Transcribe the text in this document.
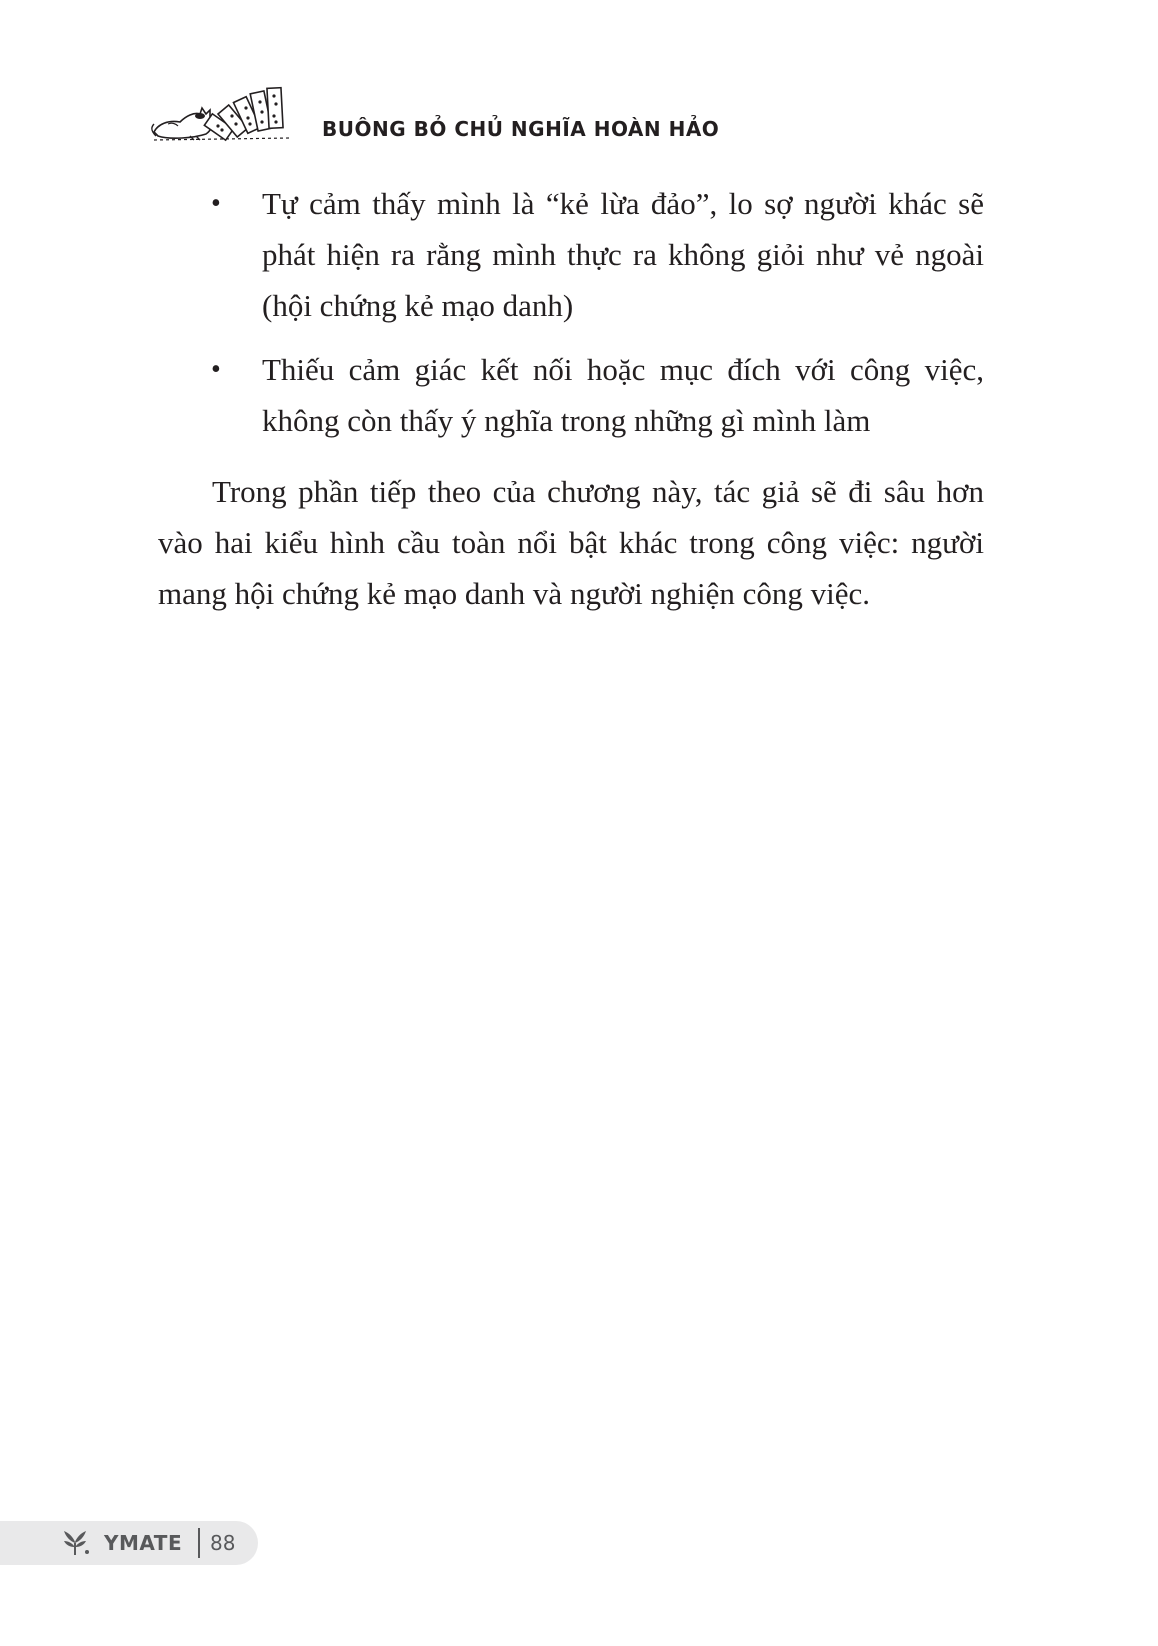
BUÔNG BỎ CHỦ NGHĨA HOÀN HẢO
• Tự cảm thấy mình là “kẻ lừa đảo”, lo sợ người khác sẽ phát hiện ra rằng mình thực ra không giỏi như vẻ ngoài (hội chứng kẻ mạo danh)
• Thiếu cảm giác kết nối hoặc mục đích với công việc, không còn thấy ý nghĩa trong những gì mình làm

Trong phần tiếp theo của chương này, tác giả sẽ đi sâu hơn vào hai kiểu hình cầu toàn nổi bật khác trong công việc: người mang hội chứng kẻ mạo danh và người nghiện công việc.

YMATE 88
